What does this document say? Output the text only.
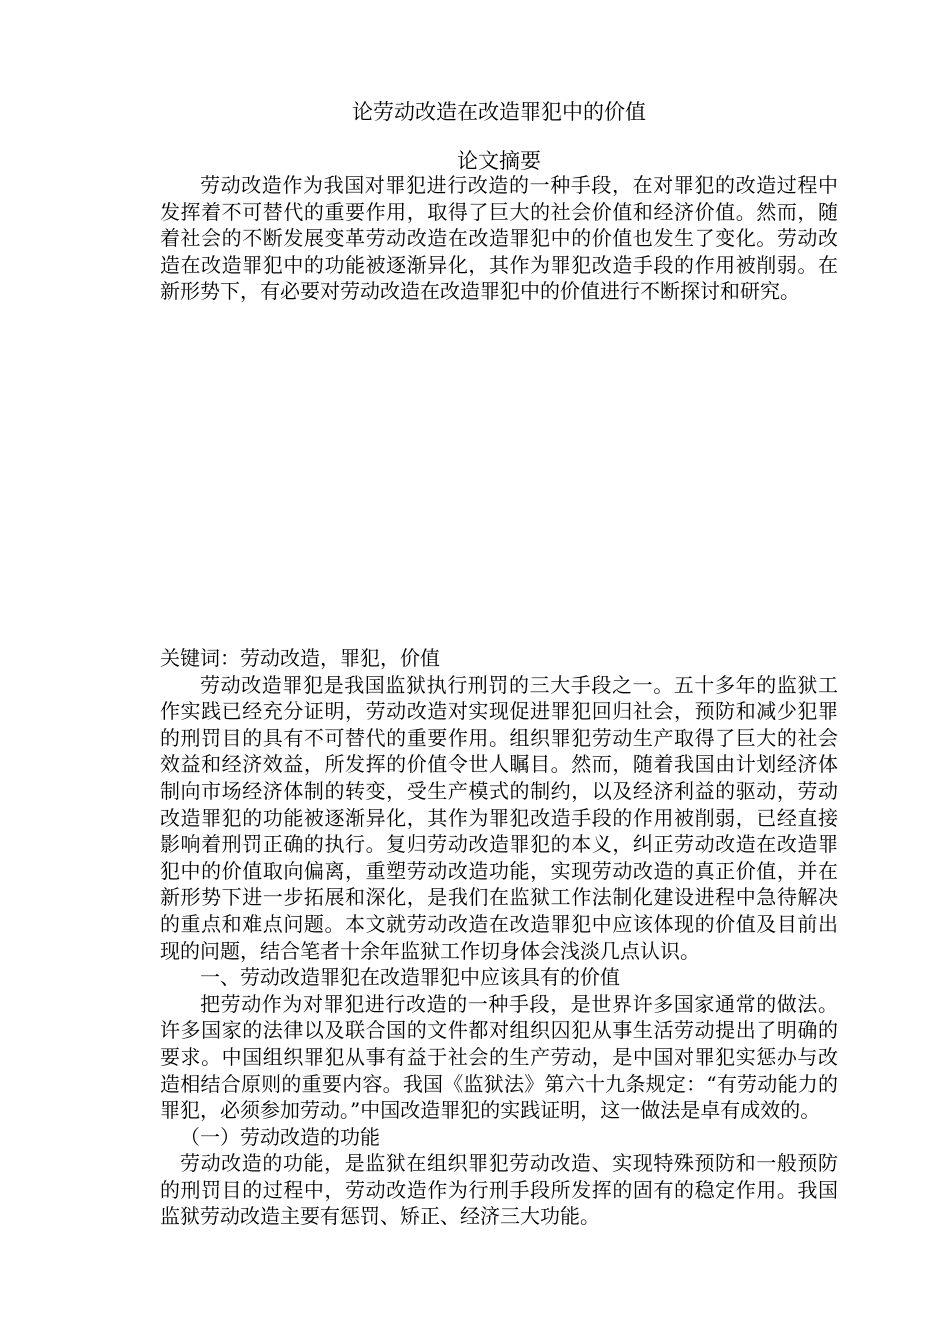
论劳动改造在改造罪犯中的价值
论文摘要

劳动改造作为我国对罪犯进行改造的一种手段，在对罪犯的改造过程中发挥着不可替代的重要作用，取得了巨大的社会价值和经济价值。然而，随着社会的不断发展变革劳动改造在改造罪犯中的价值也发生了变化。劳动改造在改造罪犯中的功能被逐渐异化，其作为罪犯改造手段的作用被削弱。在新形势下，有必要对劳动改造在改造罪犯中的价值进行不断探讨和研究。

关键词：劳动改造，罪犯，价值

劳动改造罪犯是我国监狱执行刑罚的三大手段之一。五十多年的监狱工作实践已经充分证明，劳动改造对实现促进罪犯回归社会，预防和减少犯罪的刑罚目的具有不可替代的重要作用。组织罪犯劳动生产取得了巨大的社会效益和经济效益，所发挥的价值令世人瞩目。然而，随着我国由计划经济体制向市场经济体制的转变，受生产模式的制约，以及经济利益的驱动，劳动改造罪犯的功能被逐渐异化，其作为罪犯改造手段的作用被削弱，已经直接影响着刑罚正确的执行。复归劳动改造罪犯的本义，纠正劳动改造在改造罪犯中的价值取向偏离，重塑劳动改造功能，实现劳动改造的真正价值，并在新形势下进一步拓展和深化，是我们在监狱工作法制化建设进程中急待解决的重点和难点问题。本文就劳动改造在改造罪犯中应该体现的价值及目前出现的问题，结合笔者十余年监狱工作切身体会浅淡几点认识。

一、劳动改造罪犯在改造罪犯中应该具有的价值

把劳动作为对罪犯进行改造的一种手段，是世界许多国家通常的做法。许多国家的法律以及联合国的文件都对组织囚犯从事生活劳动提出了明确的要求。中国组织罪犯从事有益于社会的生产劳动，是中国对罪犯实惩办与改造相结合原则的重要内容。我国《监狱法》第六十九条规定：“有劳动能力的罪犯，必须参加劳动。”中国改造罪犯的实践证明，这一做法是卓有成效的。

（一）劳动改造的功能

劳动改造的功能，是监狱在组织罪犯劳动改造、实现特殊预防和一般预防的刑罚目的过程中，劳动改造作为行刑手段所发挥的固有的稳定作用。我国监狱劳动改造主要有惩罚、矫正、经济三大功能。
